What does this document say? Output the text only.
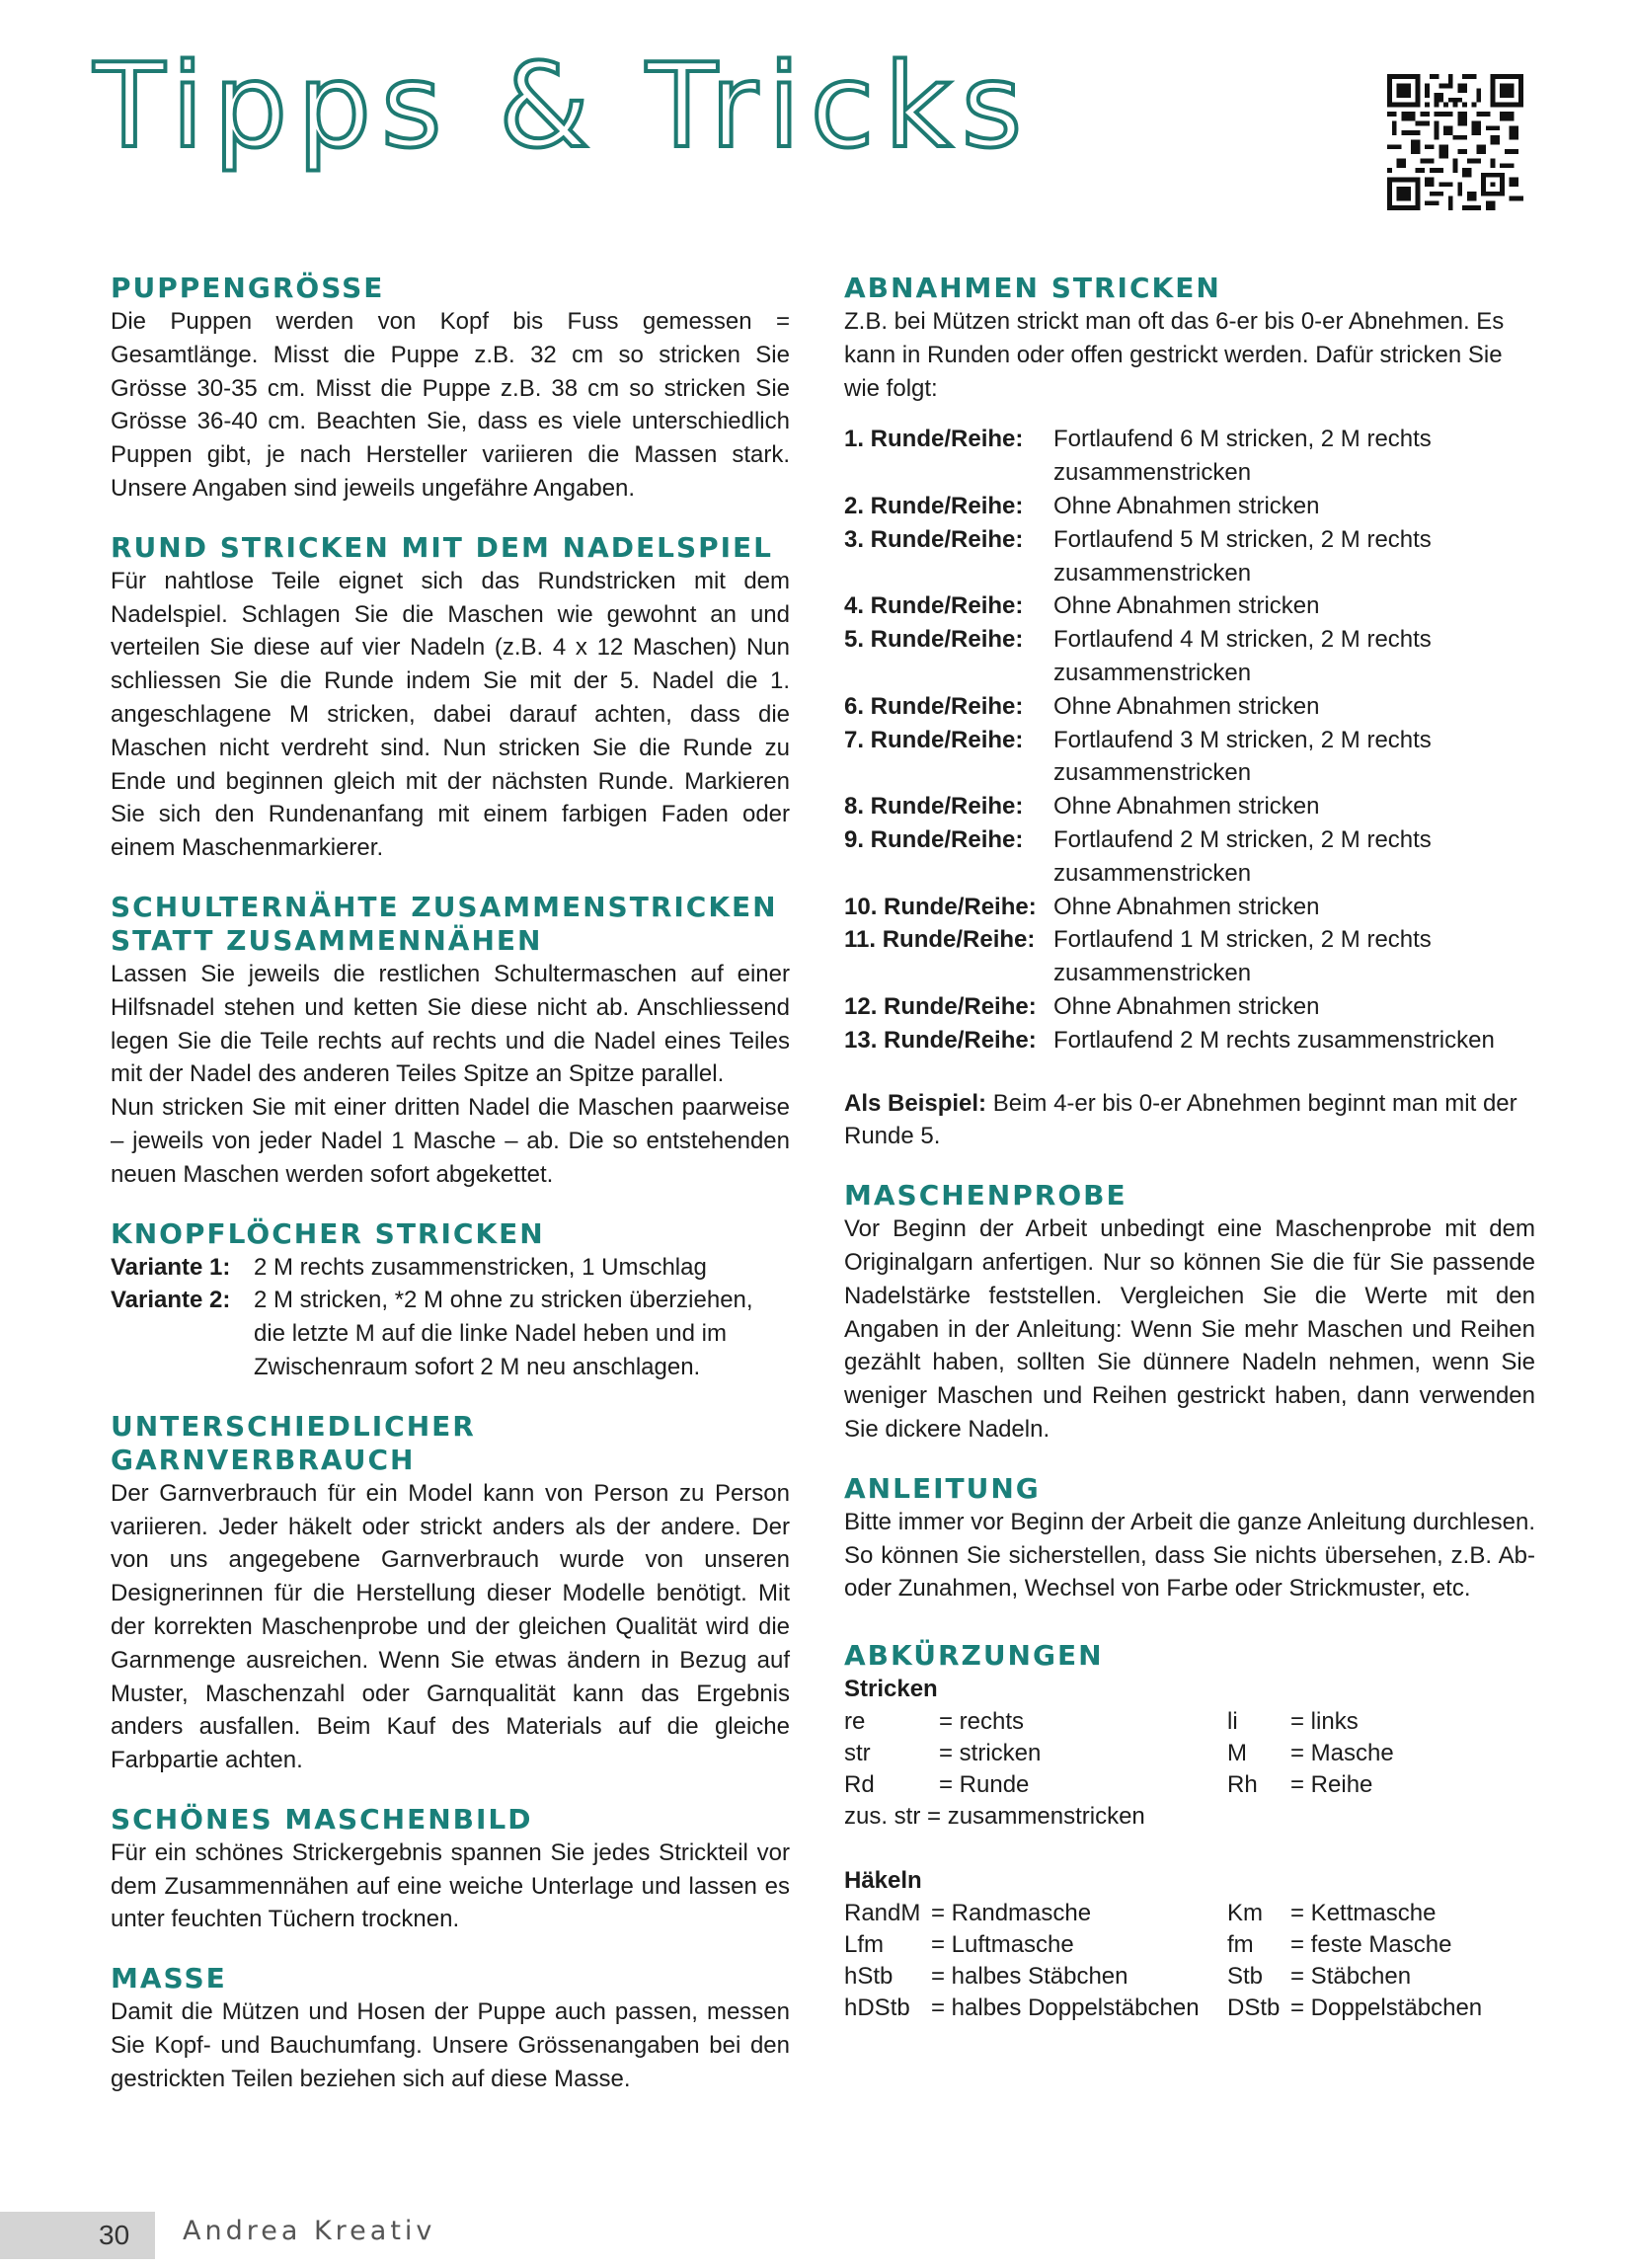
Tipps & Tricks
PUPPENGRÖSSE

Die Puppen werden von Kopf bis Fuss gemessen = Gesamtlänge. Misst die Puppe z.B. 32 cm so stricken Sie Grösse 30-35 cm. Misst die Puppe z.B. 38 cm so stricken Sie Grösse 36-40 cm. Beachten Sie, dass es viele unterschiedlich Puppen gibt, je nach Hersteller variieren die Massen stark. Unsere Angaben sind jeweils ungefähre Angaben.

RUND STRICKEN MIT DEM NADELSPIEL

Für nahtlose Teile eignet sich das Rundstricken mit dem Nadelspiel. Schlagen Sie die Maschen wie gewohnt an und verteilen Sie diese auf vier Nadeln (z.B. 4 x 12 Maschen) Nun schliessen Sie die Runde indem Sie mit der 5. Nadel die 1. angeschlagene M stricken, dabei darauf achten, dass die Maschen nicht verdreht sind. Nun stricken Sie die Runde zu Ende und beginnen gleich mit der nächsten Runde. Markieren Sie sich den Rundenanfang mit einem farbigen Faden oder einem Maschenmarkierer.

SCHULTERNÄHTE ZUSAMMENSTRICKEN STATT ZUSAMMENNÄHEN

Lassen Sie jeweils die restlichen Schultermaschen auf einer Hilfsnadel stehen und ketten Sie diese nicht ab. Anschliessend legen Sie die Teile rechts auf rechts und die Nadel eines Teiles mit der Nadel des anderen Teiles Spitze an Spitze parallel.

Nun stricken Sie mit einer dritten Nadel die Maschen paarweise – jeweils von jeder Nadel 1 Masche – ab. Die so entstehenden neuen Maschen werden sofort abgekettet.

KNOPFLÖCHER STRICKEN
Variante 1: 2 M rechts zusammenstricken, 1 Umschlag
Variante 2: 2 M stricken, *2 M ohne zu stricken überziehen, die letzte M auf die linke Nadel heben und im Zwischenraum sofort 2 M neu anschlagen.
UNTERSCHIEDLICHER GARNVERBRAUCH

Der Garnverbrauch für ein Model kann von Person zu Person variieren. Jeder häkelt oder strickt anders als der andere. Der von uns angegebene Garnverbrauch wurde von unseren Designerinnen für die Herstellung dieser Modelle benötigt. Mit der korrekten Maschenprobe und der gleichen Qualität wird die Garnmenge ausreichen. Wenn Sie etwas ändern in Bezug auf Muster, Maschenzahl oder Garnqualität kann das Ergebnis anders ausfallen. Beim Kauf des Materials auf die gleiche Farbpartie achten.

SCHÖNES MASCHENBILD

Für ein schönes Strickergebnis spannen Sie jedes Strickteil vor dem Zusammennähen auf eine weiche Unterlage und lassen es unter feuchten Tüchern trocknen.

MASSE

Damit die Mützen und Hosen der Puppe auch passen, messen Sie Kopf- und Bauchumfang. Unsere Grössenangaben bei den gestrickten Teilen beziehen sich auf diese Masse.

ABNAHMEN STRICKEN

Z.B. bei Mützen strickt man oft das 6-er bis 0-er Abnehmen. Es kann in Runden oder offen gestrickt werden. Dafür stricken Sie wie folgt:

1. Runde/Reihe:	Fortlaufend 6 M stricken, 2 M rechts zusammenstricken
2. Runde/Reihe:	Ohne Abnahmen stricken
3. Runde/Reihe:	Fortlaufend 5 M stricken, 2 M rechts zusammenstricken
4. Runde/Reihe:	Ohne Abnahmen stricken
5. Runde/Reihe:	Fortlaufend 4 M stricken, 2 M rechts zusammenstricken
6. Runde/Reihe:	Ohne Abnahmen stricken
7. Runde/Reihe:	Fortlaufend 3 M stricken, 2 M rechts zusammenstricken
8. Runde/Reihe:	Ohne Abnahmen stricken
9. Runde/Reihe:	Fortlaufend 2 M stricken, 2 M rechts zusammenstricken
10. Runde/Reihe: Ohne Abnahmen stricken
11. Runde/Reihe: Fortlaufend 1 M stricken, 2 M rechts zusammenstricken
12. Runde/Reihe: Ohne Abnahmen stricken
13. Runde/Reihe: Fortlaufend 2 M rechts zusammenstricken
Als Beispiel: Beim 4-er bis 0-er Abnehmen beginnt man mit der Runde 5.
MASCHENPROBE

Vor Beginn der Arbeit unbedingt eine Maschenprobe mit dem Originalgarn anfertigen. Nur so können Sie die für Sie passende Nadelstärke feststellen. Vergleichen Sie die Werte mit den Angaben in der Anleitung: Wenn Sie mehr Maschen und Reihen gezählt haben, sollten Sie dünnere Nadeln nehmen, wenn Sie weniger Maschen und Reihen gestrickt haben, dann verwenden Sie dickere Nadeln.

ANLEITUNG

Bitte immer vor Beginn der Arbeit die ganze Anleitung durchlesen. So können Sie sicherstellen, dass Sie nichts übersehen, z.B. Ab- oder Zunahmen, Wechsel von Farbe oder Strickmuster, etc.

ABKÜRZUNGEN

Stricken

re	= rechts	li	= links
str	= stricken	M	= Masche
Rd	= Runde	Rh	= Reihe
zus. str = zusammenstricken

Häkeln

RandM = Randmasche	Km	= Kettmasche
Lfm	= Luftmasche	fm	= feste Masche
hStb	= halbes Stäbchen	Stb	= Stäbchen
hDStb = halbes Doppelstäbchen DStb = Doppelstäbchen
30 Andrea Kreativ
